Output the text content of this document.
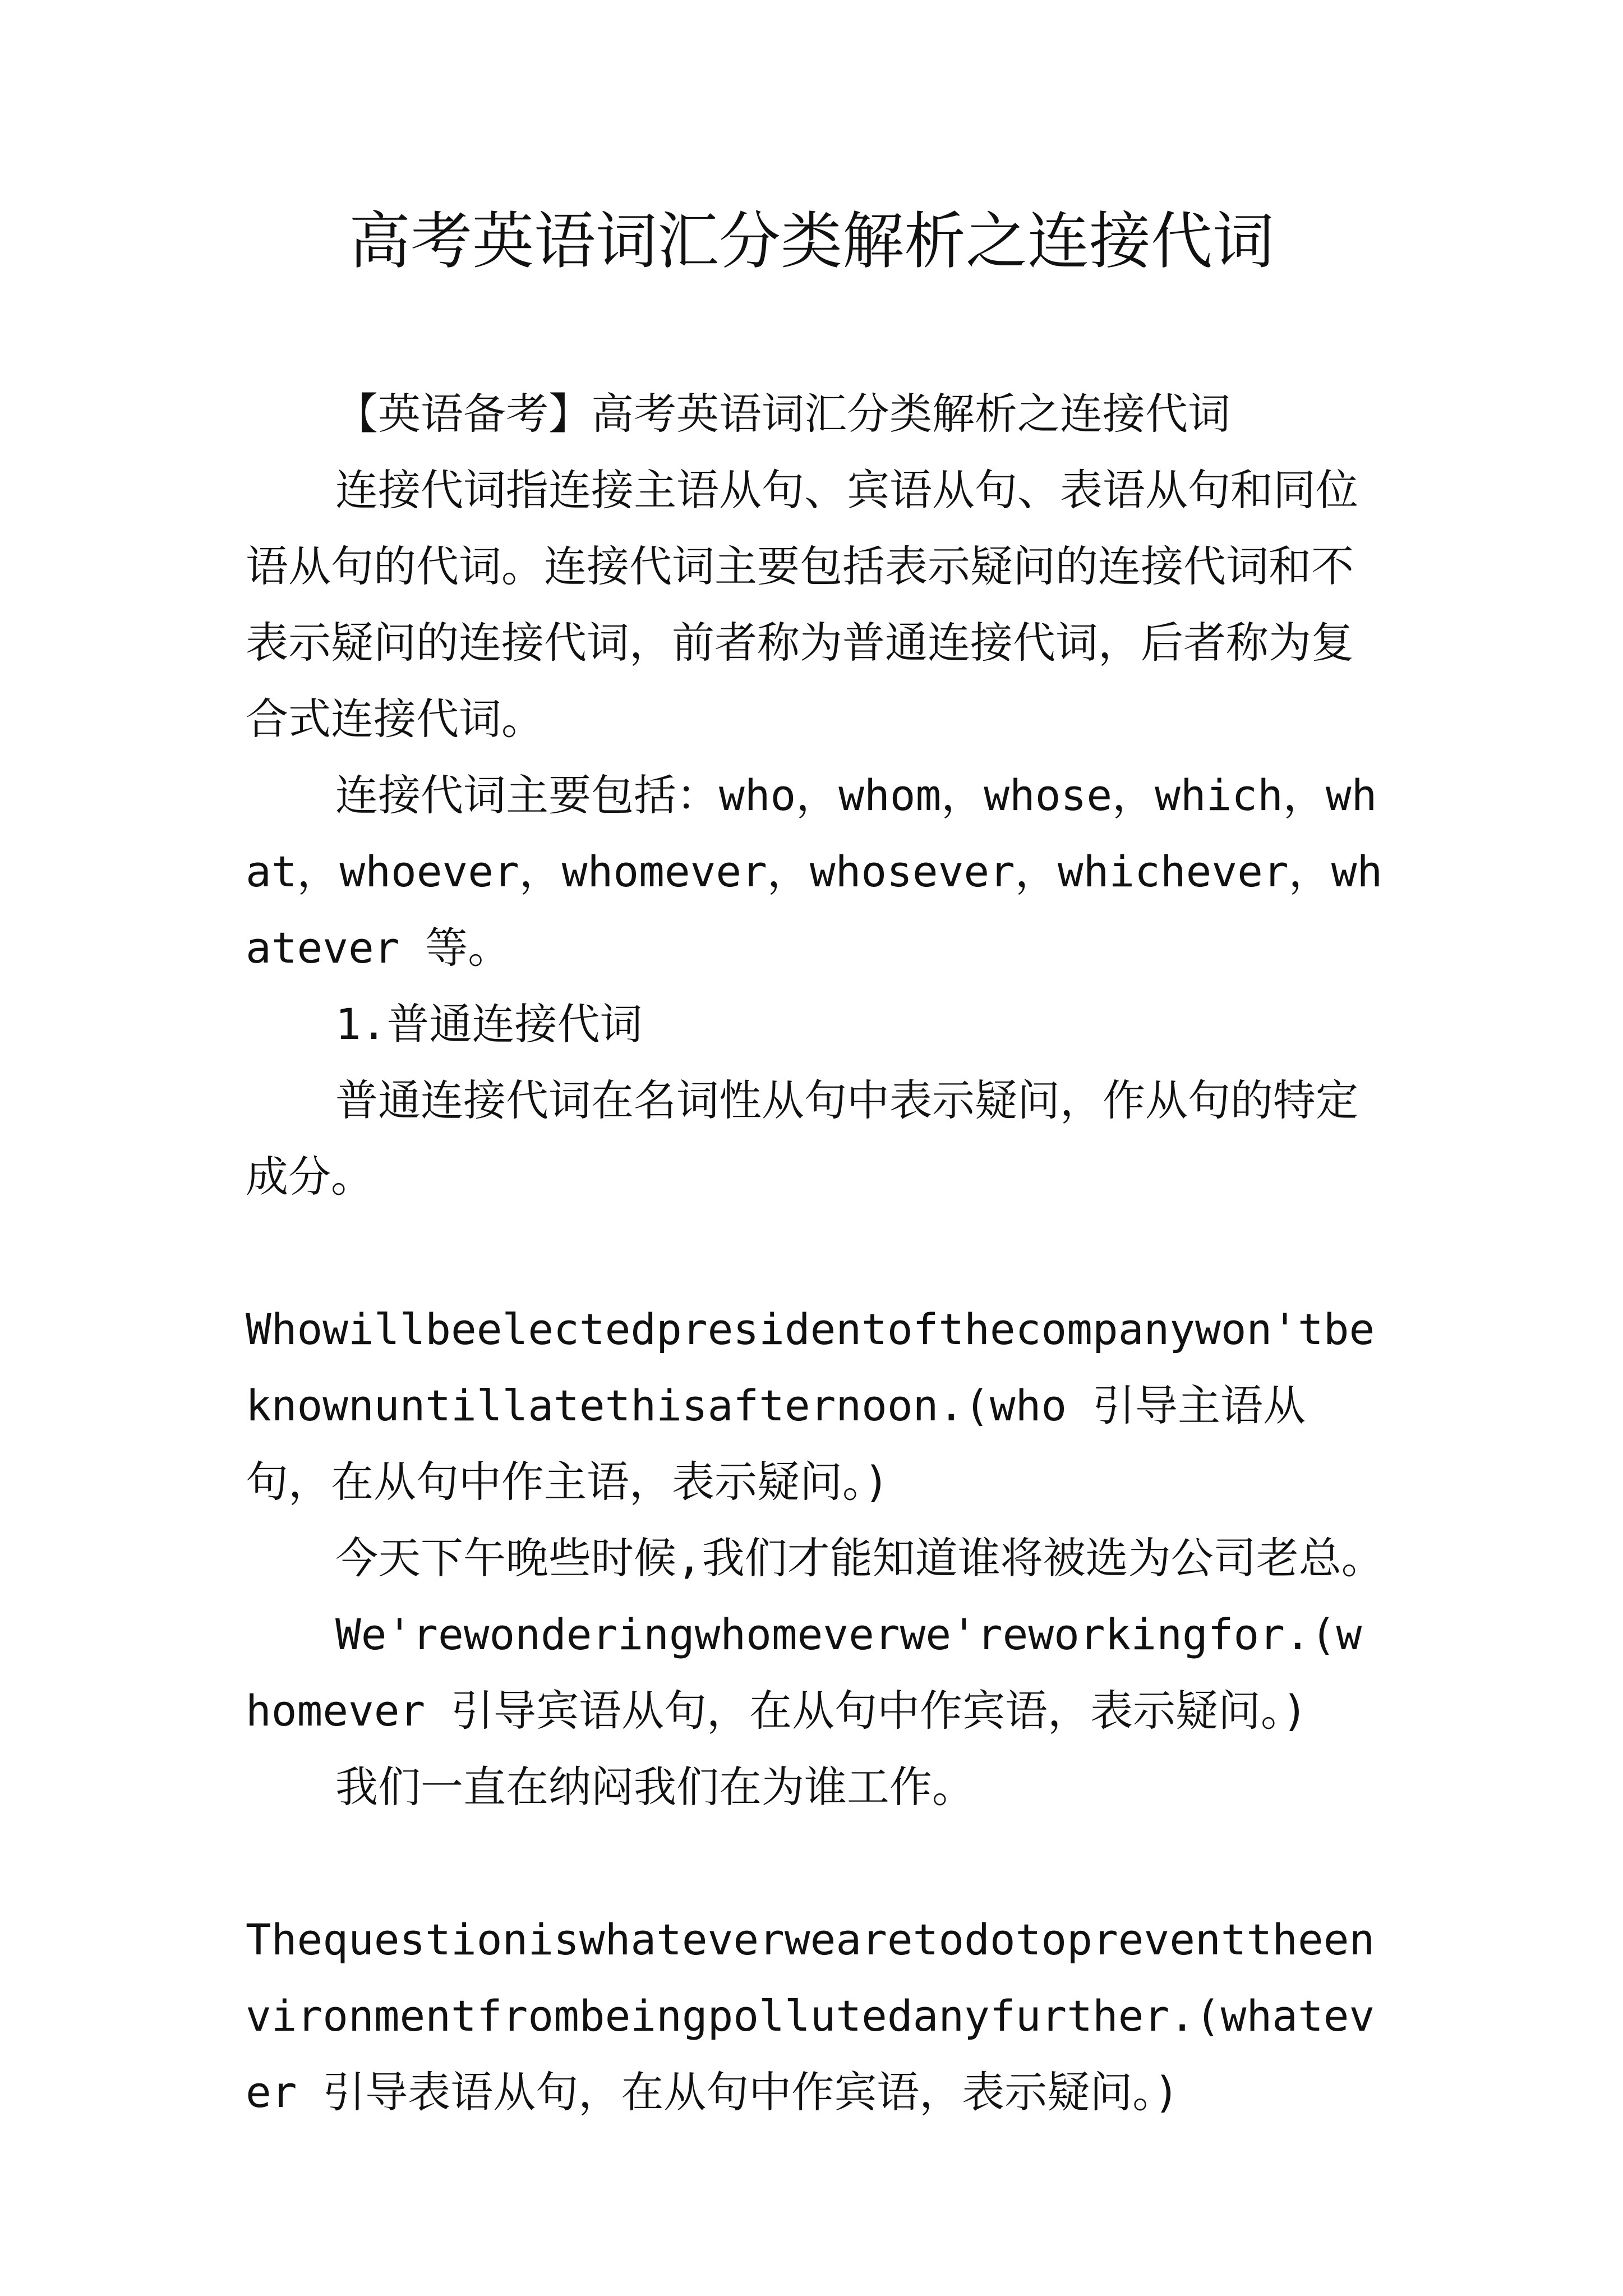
高考英语词汇分类解析之连接代词

【英语备考】高考英语词汇分类解析之连接代词

连接代词指连接主语从句、宾语从句、表语从句和同位语从句的代词。连接代词主要包括表示疑问的连接代词和不表示疑问的连接代词，前者称为普通连接代词，后者称为复合式连接代词。

连接代词主要包括：who，whom，whose，which，what，whoever，whomever，whosever，whichever，whatever 等。

1.普通连接代词

普通连接代词在名词性从句中表示疑问，作从句的特定成分。

Whowillbeelectedpresidentofthecompanywon'tbeknownuntillatethisafternoon.(who 引导主语从句，在从句中作主语，表示疑问。)

今天下午晚些时候,我们才能知道谁将被选为公司老总。

We'rewonderingwhomeverwe'reworkingfor.(whomever 引导宾语从句，在从句中作宾语，表示疑问。)

我们一直在纳闷我们在为谁工作。

Thequestioniswhateverwearetodotopreventtheenvironmentfrombeingpollutedanyfurther.(whatever 引导表语从句，在从句中作宾语，表示疑问。)
